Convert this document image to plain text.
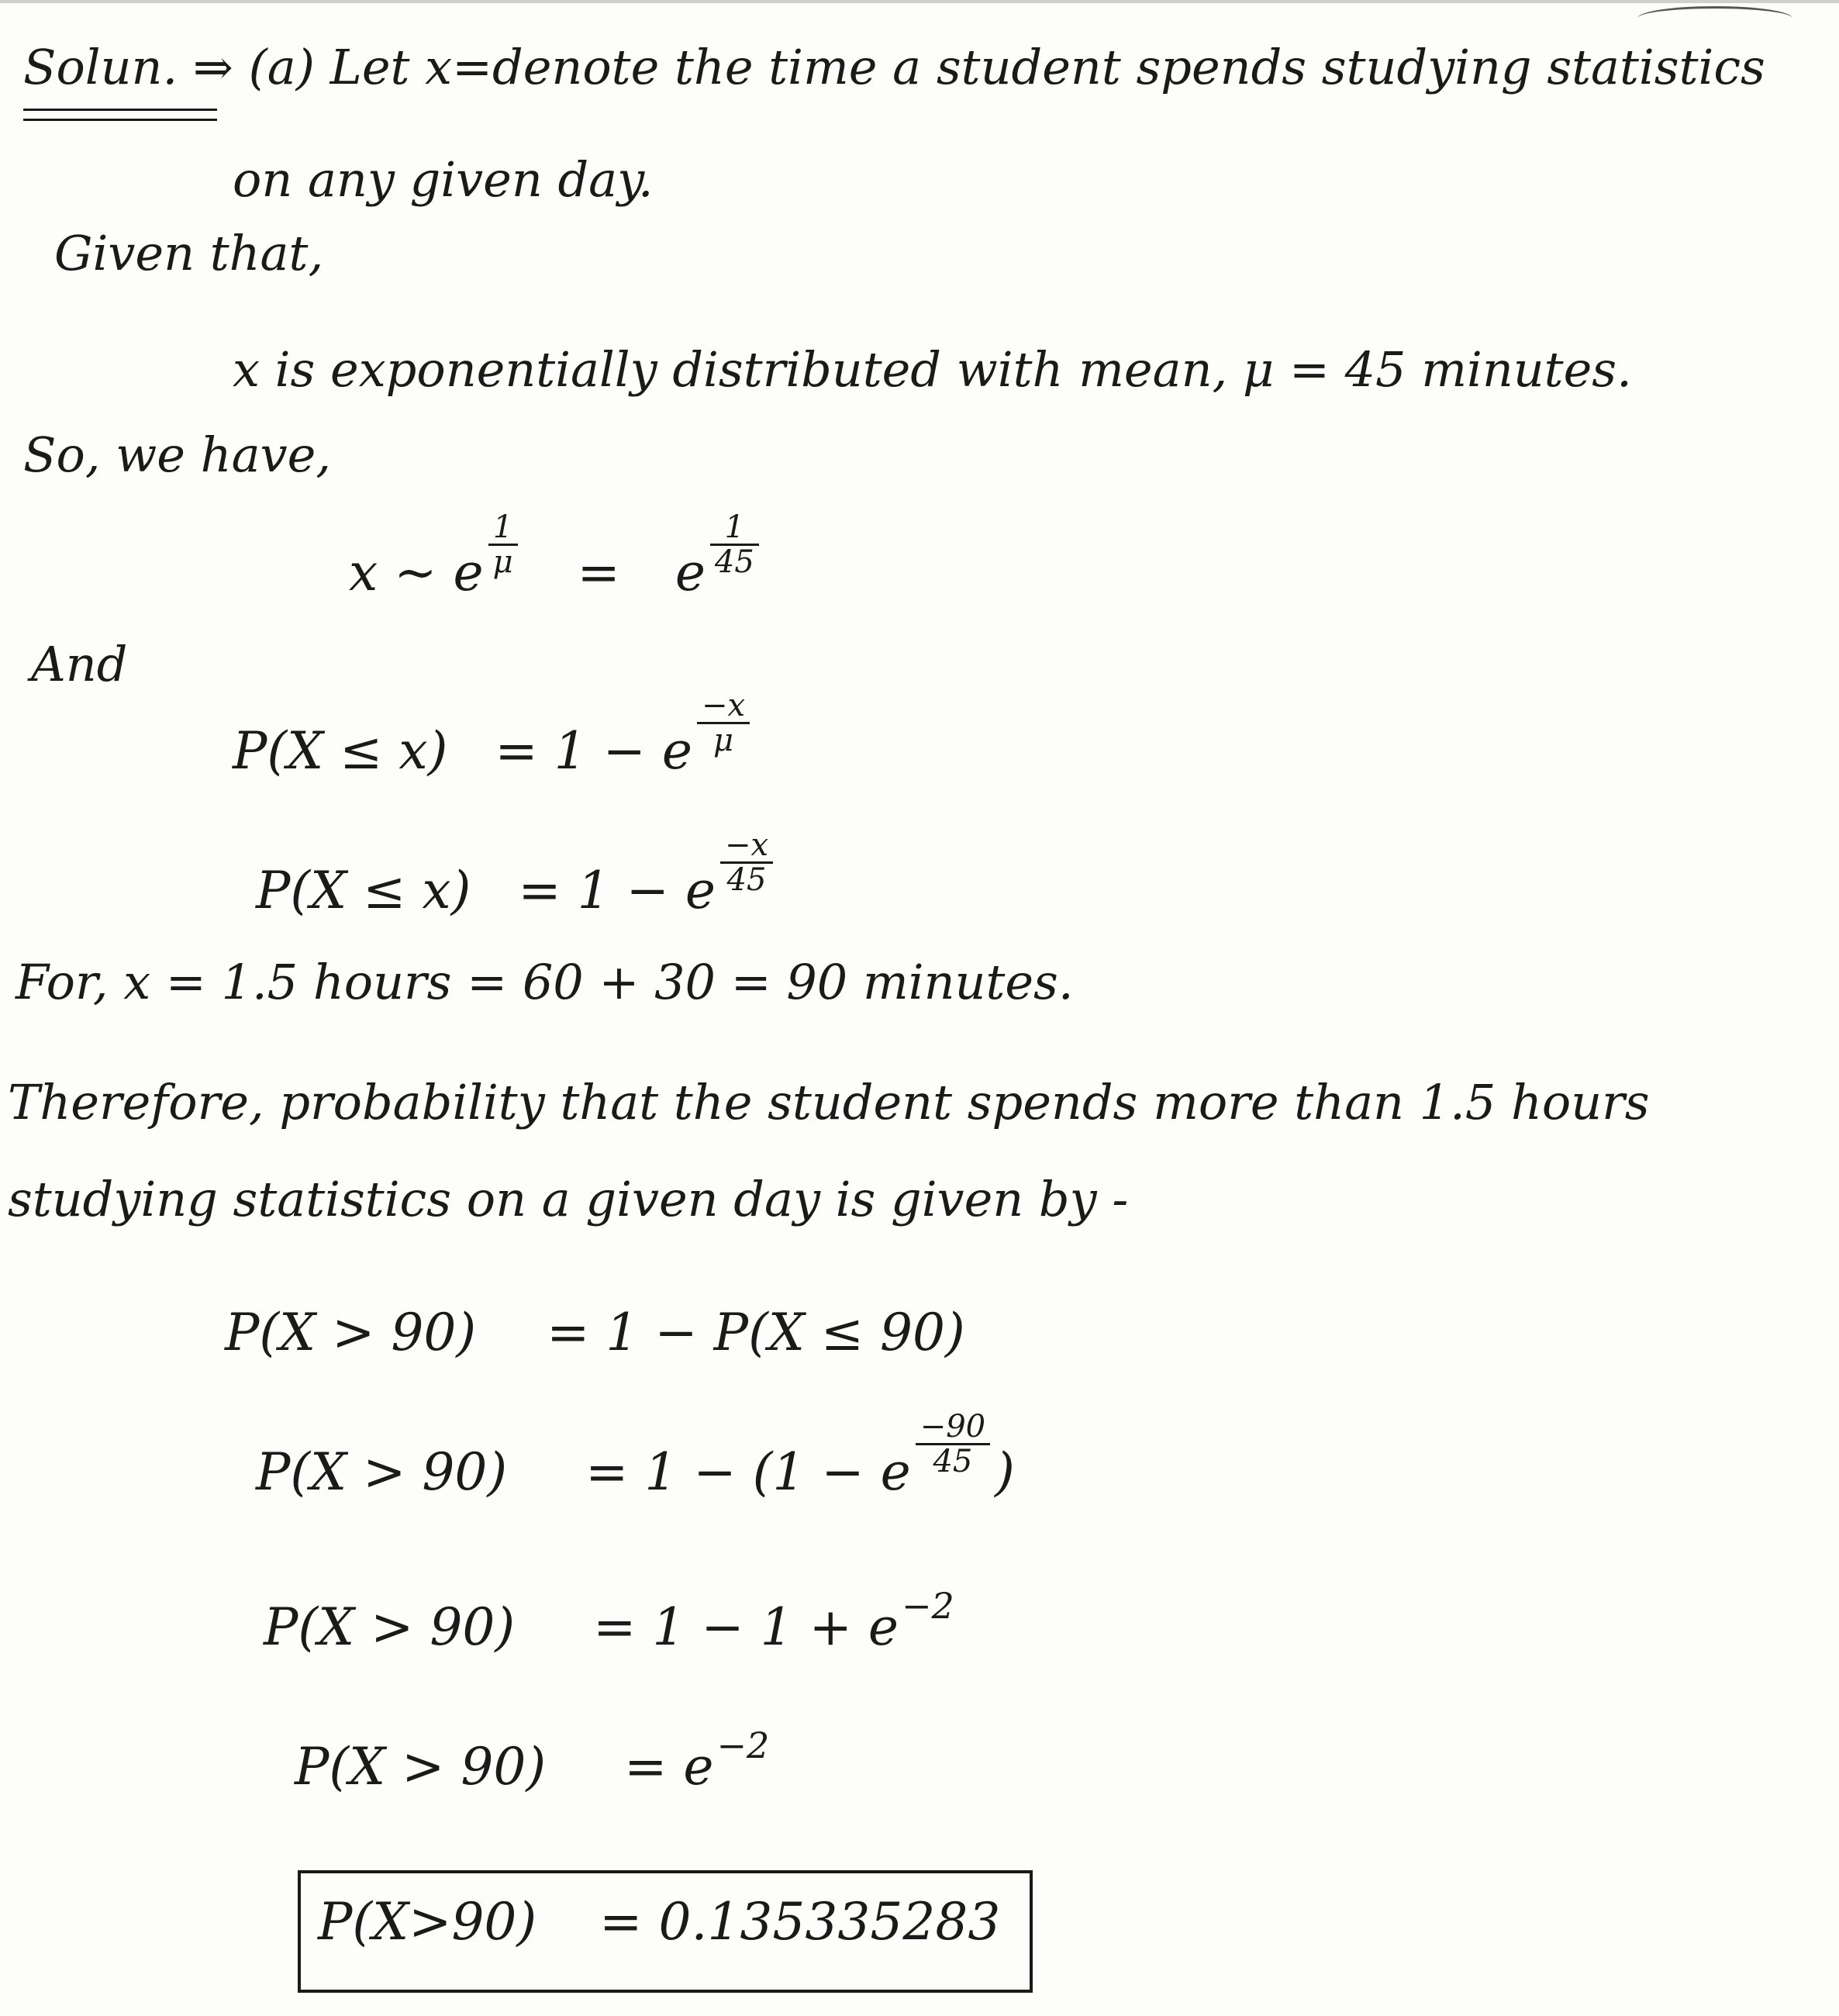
Solun. ⇒ (a) Let x=denote the time a student spends studying statistics
on any given day.
Given that,
x is exponentially distributed with mean, μ = 45 minutes.
So, we have,
x ~ e $\frac{1}{\mu} = e \frac{1}{45}$
And
P(X ≤ x) = 1 − e $\frac{-x}{\mu}$
P(X ≤ x) = 1 − e $\frac{-x}{45}$
For, x = 1.5 hours = 60 + 30 = 90 minutes.
Therefore, probability that the student spends more than 1.5 hours
studying statistics on a given day is given by -
P(X > 90) = 1 − P(X ≤ 90)
P(X > 90) = 1 − (1 − e $\frac{-90}{45}$ )
$P(X > 90) = 1 - 1 + e^{-2}$
$P(X > 90) = e^{-2}$
P(X>90) = 0.135335283
